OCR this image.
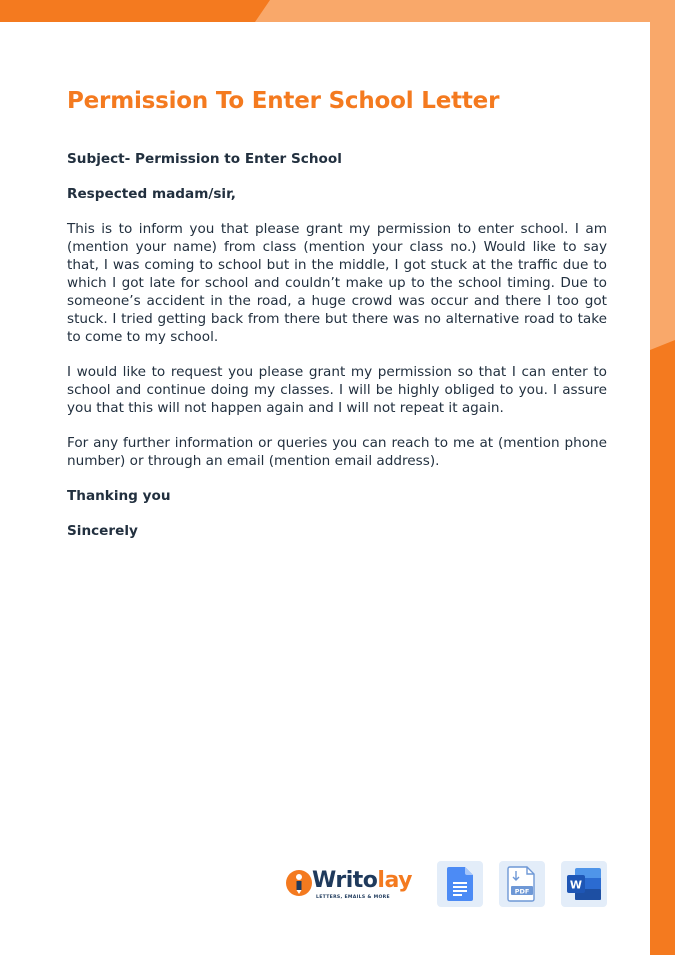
Permission To Enter School Letter

Subject- Permission to Enter School

Respected madam/sir,

This is to inform you that please grant my permission to enter school. I am (mention your name) from class (mention your class no.) Would like to say that, I was coming to school but in the middle, I got stuck at the traffic due to which I got late for school and couldn’t make up to the school timing. Due to someone’s accident in the road, a huge crowd was occur and there I too got stuck. I tried getting back from there but there was no alternative road to take to come to my school.

I would like to request you please grant my permission so that I can enter to school and continue doing my classes. I will be highly obliged to you. I assure you that this will not happen again and I will not repeat it again.

For any further information or queries you can reach to me at (mention phone number) or through an email (mention email address).

Thanking you

Sincerely

Writolay
LETTERS, EMAILS & MORE
PDF	W
